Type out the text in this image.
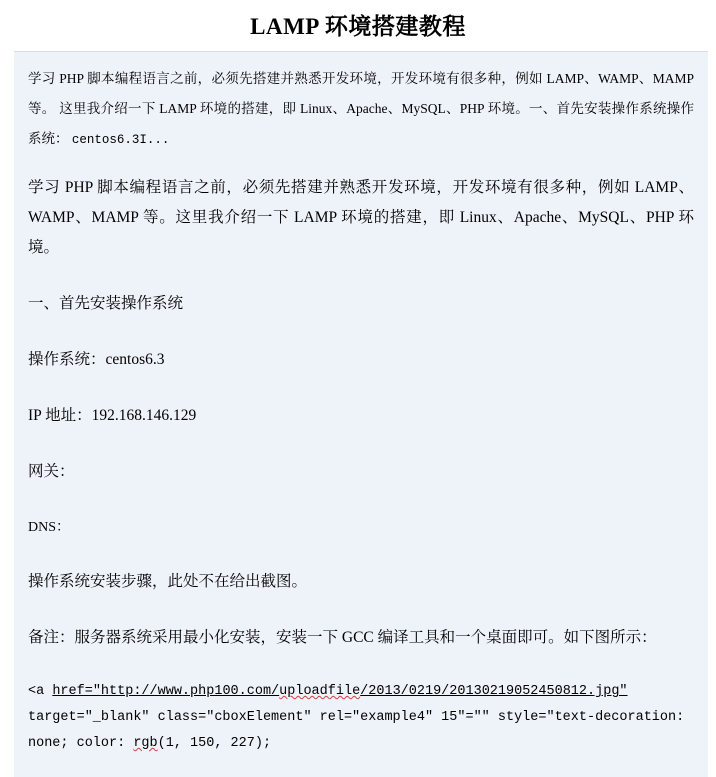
LAMP 环境搭建教程
学习 PHP 脚本编程语言之前，必须先搭建并熟悉开发环境，开发环境有很多种，例如 LAMP、WAMP、MAMP 等。 这里我介绍一下 LAMP 环境的搭建，即 Linux、Apache、MySQL、PHP 环境。一、首先安装操作系统操作系统： centos6.3I...

学习 PHP 脚本编程语言之前，必须先搭建并熟悉开发环境，开发环境有很多种，例如 LAMP、WAMP、MAMP 等。这里我介绍一下 LAMP 环境的搭建，即 Linux、Apache、MySQL、PHP 环境。

一、首先安装操作系统

操作系统：centos6.3

IP 地址：192.168.146.129

网关：

DNS：

操作系统安装步骤，此处不在给出截图。

备注：服务器系统采用最小化安装，安装一下 GCC 编译工具和一个桌面即可。如下图所示：

<a href="http://www.php100.com/uploadfile/2013/0219/20130219052450812.jpg"
target="_blank" class="cboxElement" rel="example4" 15"="" style="text-decoration:
none; color: rgb(1, 150, 227);
